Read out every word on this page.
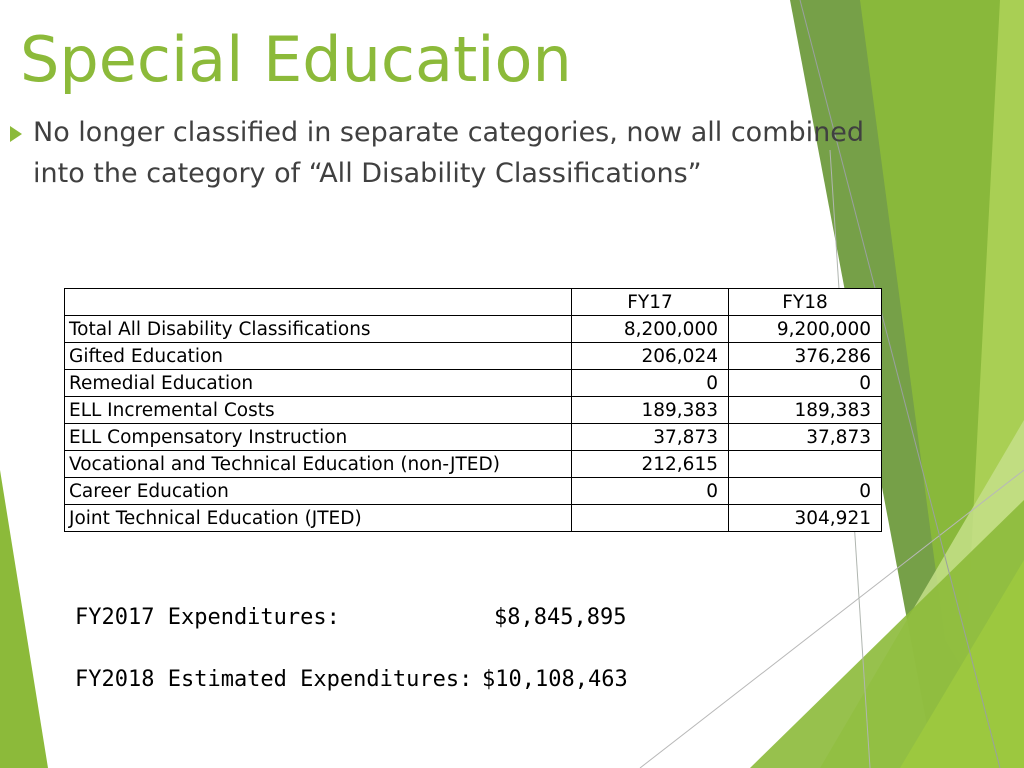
Special Education
No longer classified in separate categories, now all combined into the category of “All Disability Classifications”
	FY17	FY18
Total All Disability Classifications	8,200,000	9,200,000
Gifted Education	206,024	376,286
Remedial Education	0	0
ELL Incremental Costs	189,383	189,383
ELL Compensatory Instruction	37,873	37,873
Vocational and Technical Education (non-JTED)	212,615	
Career Education	0	0
Joint Technical Education (JTED)		304,921
FY2017 Expenditures:	$8,845,895
FY2018 Estimated Expenditures: $10,108,463
